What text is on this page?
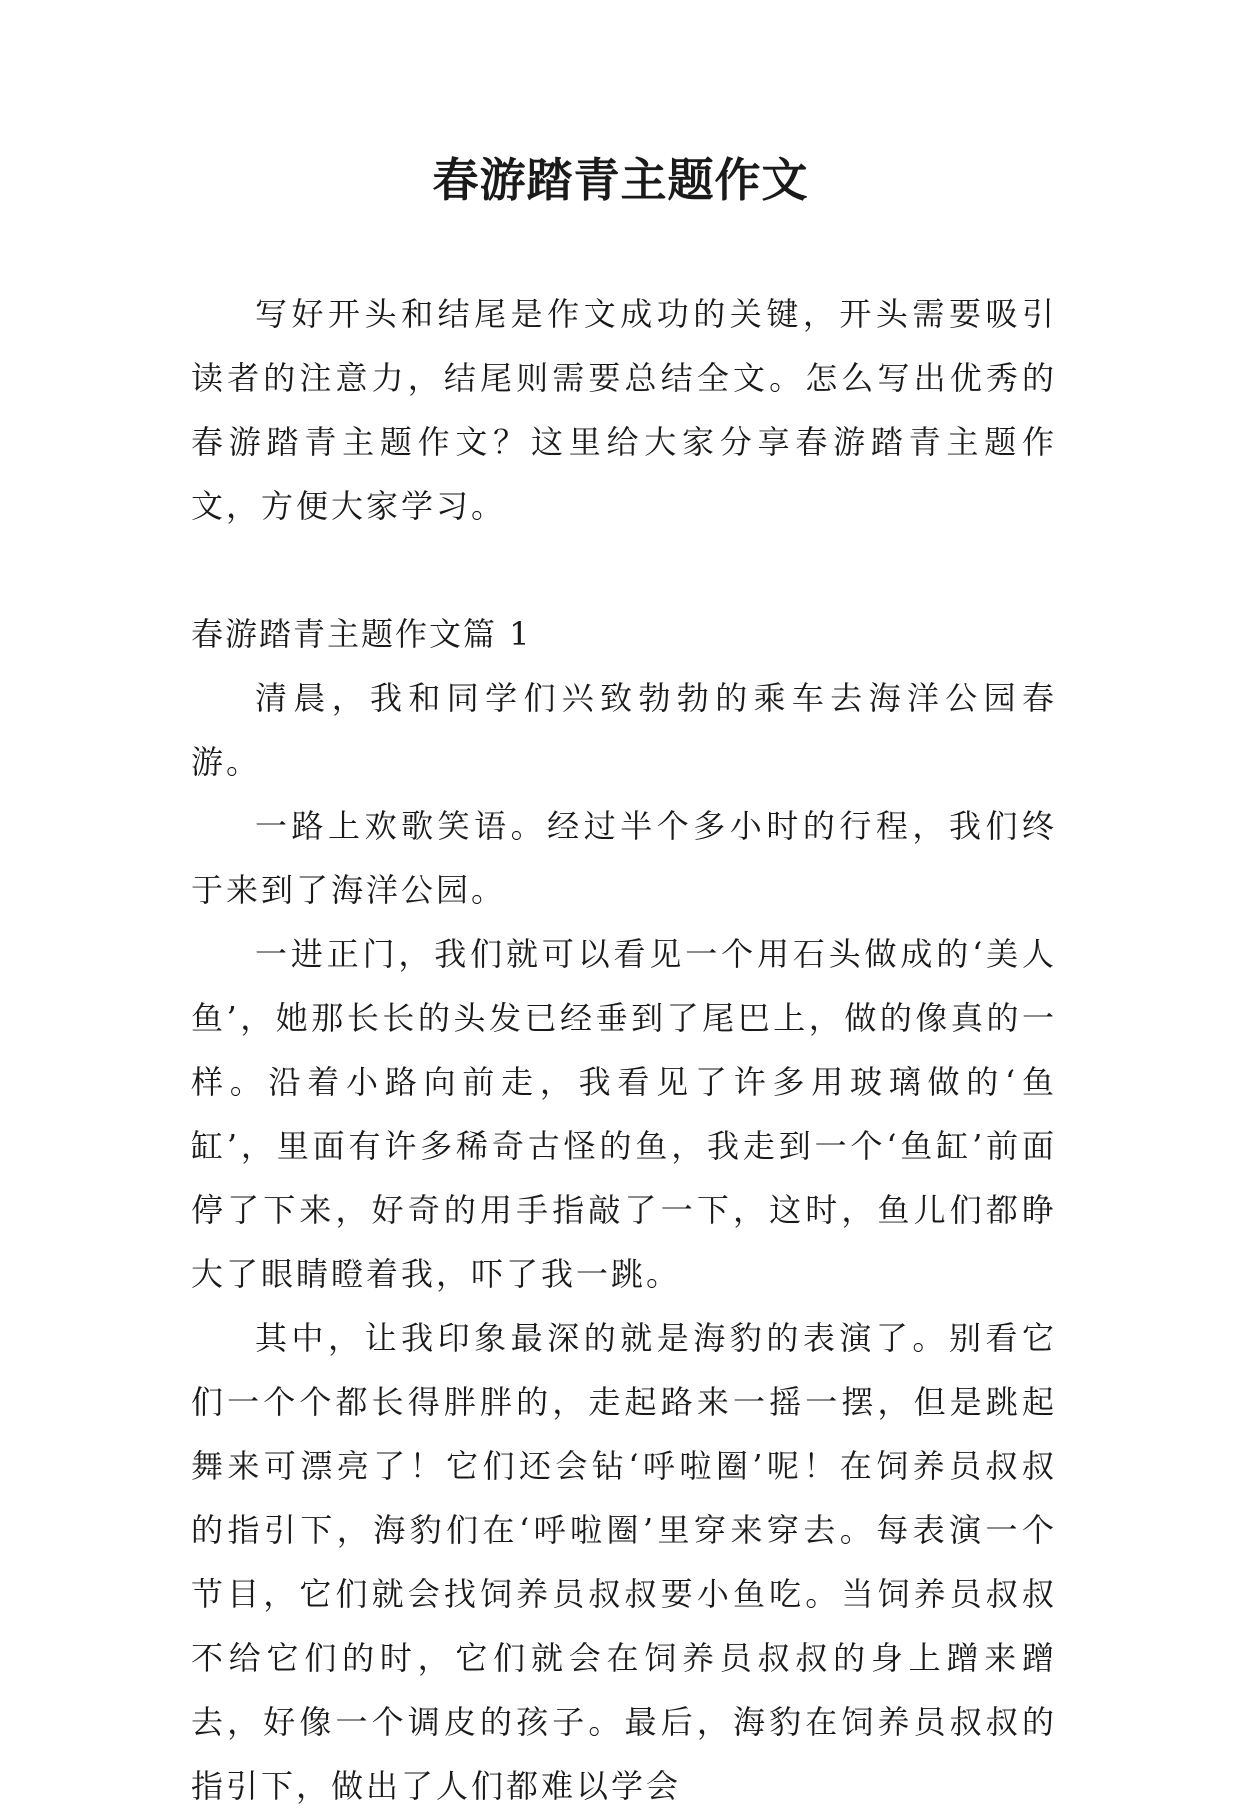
春游踏青主题作文

写好开头和结尾是作文成功的关键，开头需要吸引读者的注意力，结尾则需要总结全文。怎么写出优秀的春游踏青主题作文？这里给大家分享春游踏青主题作文，方便大家学习。

春游踏青主题作文篇 1

清晨，我和同学们兴致勃勃的乘车去海洋公园春游。

一路上欢歌笑语。经过半个多小时的行程，我们终于来到了海洋公园。

一进正门，我们就可以看见一个用石头做成的‘美人鱼’，她那长长的头发已经垂到了尾巴上，做的像真的一样。沿着小路向前走，我看见了许多用玻璃做的‘鱼缸’，里面有许多稀奇古怪的鱼，我走到一个‘鱼缸’前面停了下来，好奇的用手指敲了一下，这时，鱼儿们都睁大了眼睛瞪着我，吓了我一跳。

其中，让我印象最深的就是海豹的表演了。别看它们一个个都长得胖胖的，走起路来一摇一摆，但是跳起舞来可漂亮了！它们还会钻‘呼啦圈’呢！在饲养员叔叔的指引下，海豹们在‘呼啦圈’里穿来穿去。每表演一个节目，它们就会找饲养员叔叔要小鱼吃。当饲养员叔叔不给它们的时，它们就会在饲养员叔叔的身上蹭来蹭去，好像一个调皮的孩子。最后，海豹在饲养员叔叔的指引下，做出了人们都难以学会
